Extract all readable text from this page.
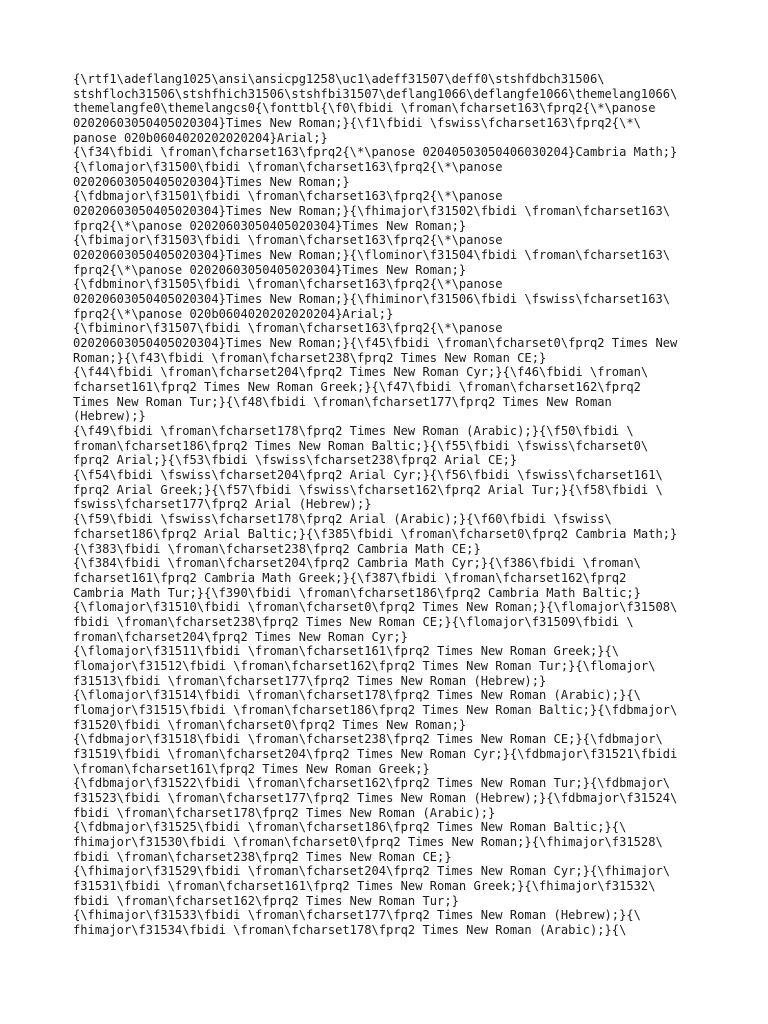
{\rtf1\adeflang1025\ansi\ansicpg1258\uc1\adeff31507\deff0\stshfdbch31506\
stshfloch31506\stshfhich31506\stshfbi31507\deflang1066\deflangfe1066\themelang1066\
themelangfe0\themelangcs0{\fonttbl{\f0\fbidi \froman\fcharset163\fprq2{\*\panose
02020603050405020304}Times New Roman;}{\f1\fbidi \fswiss\fcharset163\fprq2{\*\
panose 020b0604020202020204}Arial;}
{\f34\fbidi \froman\fcharset163\fprq2{\*\panose 02040503050406030204}Cambria Math;}
{\flomajor\f31500\fbidi \froman\fcharset163\fprq2{\*\panose
02020603050405020304}Times New Roman;}
{\fdbmajor\f31501\fbidi \froman\fcharset163\fprq2{\*\panose
02020603050405020304}Times New Roman;}{\fhimajor\f31502\fbidi \froman\fcharset163\
fprq2{\*\panose 02020603050405020304}Times New Roman;}
{\fbimajor\f31503\fbidi \froman\fcharset163\fprq2{\*\panose
02020603050405020304}Times New Roman;}{\flominor\f31504\fbidi \froman\fcharset163\
fprq2{\*\panose 02020603050405020304}Times New Roman;}
{\fdbminor\f31505\fbidi \froman\fcharset163\fprq2{\*\panose
02020603050405020304}Times New Roman;}{\fhiminor\f31506\fbidi \fswiss\fcharset163\
fprq2{\*\panose 020b0604020202020204}Arial;}
{\fbiminor\f31507\fbidi \froman\fcharset163\fprq2{\*\panose
02020603050405020304}Times New Roman;}{\f45\fbidi \froman\fcharset0\fprq2 Times New
Roman;}{\f43\fbidi \froman\fcharset238\fprq2 Times New Roman CE;}
{\f44\fbidi \froman\fcharset204\fprq2 Times New Roman Cyr;}{\f46\fbidi \froman\
fcharset161\fprq2 Times New Roman Greek;}{\f47\fbidi \froman\fcharset162\fprq2
Times New Roman Tur;}{\f48\fbidi \froman\fcharset177\fprq2 Times New Roman
(Hebrew);}
{\f49\fbidi \froman\fcharset178\fprq2 Times New Roman (Arabic);}{\f50\fbidi \
froman\fcharset186\fprq2 Times New Roman Baltic;}{\f55\fbidi \fswiss\fcharset0\
fprq2 Arial;}{\f53\fbidi \fswiss\fcharset238\fprq2 Arial CE;}
{\f54\fbidi \fswiss\fcharset204\fprq2 Arial Cyr;}{\f56\fbidi \fswiss\fcharset161\
fprq2 Arial Greek;}{\f57\fbidi \fswiss\fcharset162\fprq2 Arial Tur;}{\f58\fbidi \
fswiss\fcharset177\fprq2 Arial (Hebrew);}
{\f59\fbidi \fswiss\fcharset178\fprq2 Arial (Arabic);}{\f60\fbidi \fswiss\
fcharset186\fprq2 Arial Baltic;}{\f385\fbidi \froman\fcharset0\fprq2 Cambria Math;}
{\f383\fbidi \froman\fcharset238\fprq2 Cambria Math CE;}
{\f384\fbidi \froman\fcharset204\fprq2 Cambria Math Cyr;}{\f386\fbidi \froman\
fcharset161\fprq2 Cambria Math Greek;}{\f387\fbidi \froman\fcharset162\fprq2
Cambria Math Tur;}{\f390\fbidi \froman\fcharset186\fprq2 Cambria Math Baltic;}
{\flomajor\f31510\fbidi \froman\fcharset0\fprq2 Times New Roman;}{\flomajor\f31508\
fbidi \froman\fcharset238\fprq2 Times New Roman CE;}{\flomajor\f31509\fbidi \
froman\fcharset204\fprq2 Times New Roman Cyr;}
{\flomajor\f31511\fbidi \froman\fcharset161\fprq2 Times New Roman Greek;}{\
flomajor\f31512\fbidi \froman\fcharset162\fprq2 Times New Roman Tur;}{\flomajor\
f31513\fbidi \froman\fcharset177\fprq2 Times New Roman (Hebrew);}
{\flomajor\f31514\fbidi \froman\fcharset178\fprq2 Times New Roman (Arabic);}{\
flomajor\f31515\fbidi \froman\fcharset186\fprq2 Times New Roman Baltic;}{\fdbmajor\
f31520\fbidi \froman\fcharset0\fprq2 Times New Roman;}
{\fdbmajor\f31518\fbidi \froman\fcharset238\fprq2 Times New Roman CE;}{\fdbmajor\
f31519\fbidi \froman\fcharset204\fprq2 Times New Roman Cyr;}{\fdbmajor\f31521\fbidi
\froman\fcharset161\fprq2 Times New Roman Greek;}
{\fdbmajor\f31522\fbidi \froman\fcharset162\fprq2 Times New Roman Tur;}{\fdbmajor\
f31523\fbidi \froman\fcharset177\fprq2 Times New Roman (Hebrew);}{\fdbmajor\f31524\
fbidi \froman\fcharset178\fprq2 Times New Roman (Arabic);}
{\fdbmajor\f31525\fbidi \froman\fcharset186\fprq2 Times New Roman Baltic;}{\
fhimajor\f31530\fbidi \froman\fcharset0\fprq2 Times New Roman;}{\fhimajor\f31528\
fbidi \froman\fcharset238\fprq2 Times New Roman CE;}
{\fhimajor\f31529\fbidi \froman\fcharset204\fprq2 Times New Roman Cyr;}{\fhimajor\
f31531\fbidi \froman\fcharset161\fprq2 Times New Roman Greek;}{\fhimajor\f31532\
fbidi \froman\fcharset162\fprq2 Times New Roman Tur;}
{\fhimajor\f31533\fbidi \froman\fcharset177\fprq2 Times New Roman (Hebrew);}{\
fhimajor\f31534\fbidi \froman\fcharset178\fprq2 Times New Roman (Arabic);}{\
